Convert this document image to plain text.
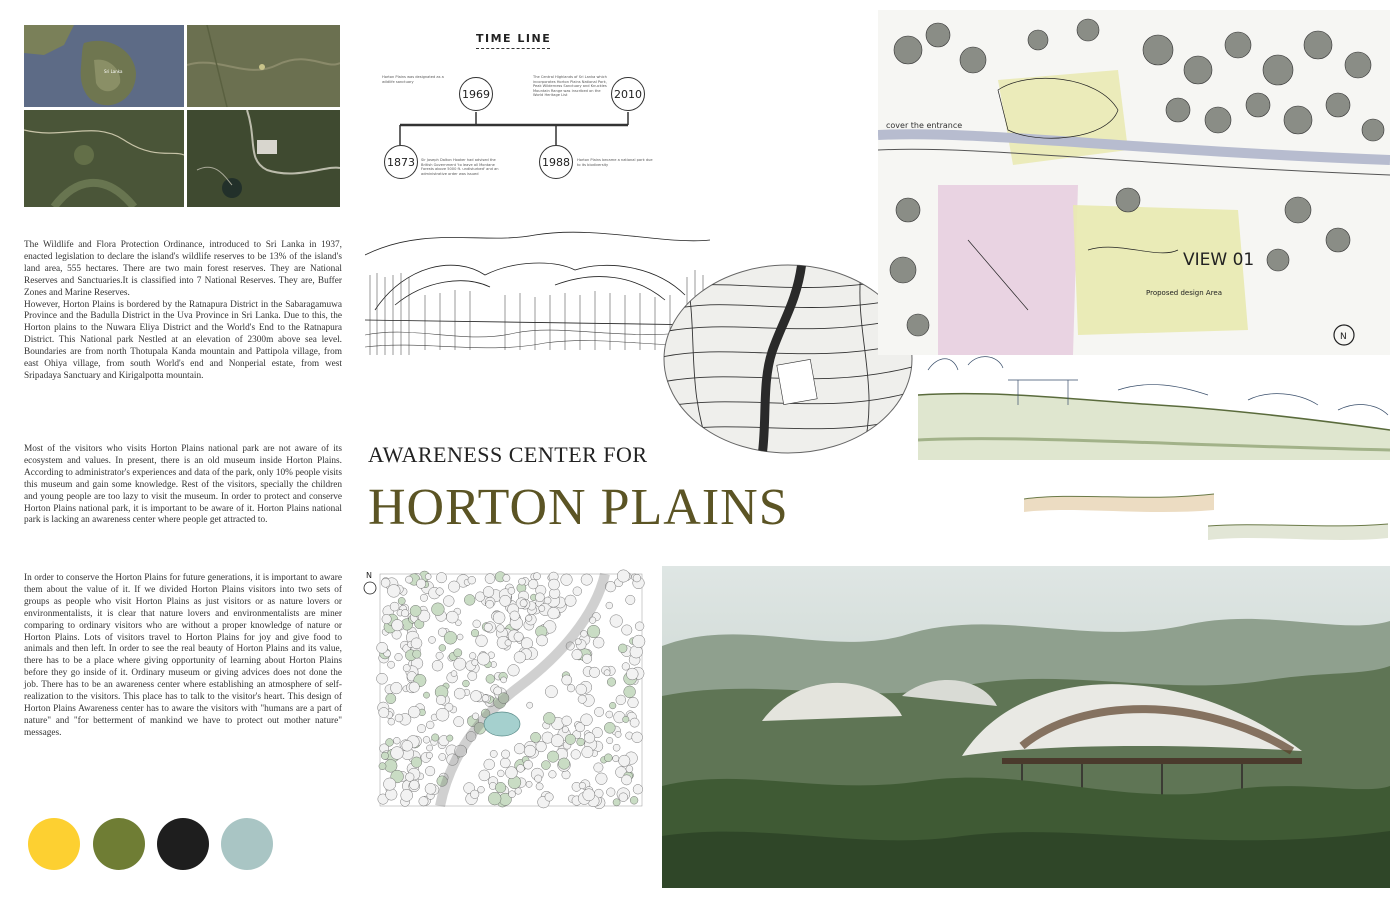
Sri Lanka
The Wildlife and Flora Protection Ordinance, introduced to Sri Lanka in 1937, enacted legislation to declare the island's wildlife reserves to be 13% of the island's land area, 555 hectares. There are two main forest reserves. They are National Reserves and Sanctuaries.It is classified into 7 National Reserves. They are, Buffer Zones and Marine Reserves.
However, Horton Plains is bordered by the Ratnapura District in the Sabaragamuwa Province and the Badulla District in the Uva Province in Sri Lanka. Due to this, the Horton plains to the Nuwara Eliya District and the World's End to the Ratnapura District. This National park Nestled at an elevation of 2300m above sea level. Boundaries are from north Thotupala Kanda mountain and Pattipola village, from east Ohiya village, from south World's end and Nonperial estate, from west Sripadaya Sanctuary and Kirigalpotta mountain.
Most of the visitors who visits Horton Plains national park are not aware of its ecosystem and values. In present, there is an old museum inside Horton Plains. According to administrator's experiences and data of the park, only 10% people visits this museum and gain some knowledge. Rest of the visitors, specially the children and young people are too lazy to visit the museum. In order to protect and conserve Horton Plains national park, it is important to be aware of it. Horton Plains national park is lacking an awareness center where people get attracted to.
In order to conserve the Horton Plains for future generations, it is important to aware them about the value of it. If we divided Horton Plains visitors into two sets of groups as people who visit Horton Plains as just visitors or as nature lovers or environmentalists, it is clear that nature lovers and environmentalists are miner comparing to ordinary visitors who are without a proper knowledge of nature or Horton Plains. Lots of visitors travel to Horton Plains for joy and give food to animals and then left. In order to see the real beauty of Horton Plains and its value, there has to be a place where giving opportunity of learning about Horton Plains before they go inside of it. Ordinary museum or giving advices does not done the job. There has to be an awareness center where establishing an atmosphere of self-realization to the visitors. This place has to talk to the visitor's heart. This design of Horton Plains Awareness center has to aware the visitors with "humans are a part of nature" and "for betterment of mankind we have to protect out mother nature" messages.
TIME LINE
1969	2010
1873	1988
Horton Plains was designated as a wildlife sanctuary
The Central Highlands of Sri Lanka which incorporates Horton Plains National Park, Peak Wilderness Sanctuary and Knuckles Mountain Range was inscribed on the World Heritage List
Sir Joseph Dalton Hooker had advised the British Government 'to leave all Montane Forests above 5000 ft. undisturbed' and an administrative order was issued
Horton Plains became a national park due to its biodiversity
cover the entrance
VIEW 01
Proposed design Area
N
AWARENESS CENTER FOR
HORTON PLAINS
N
